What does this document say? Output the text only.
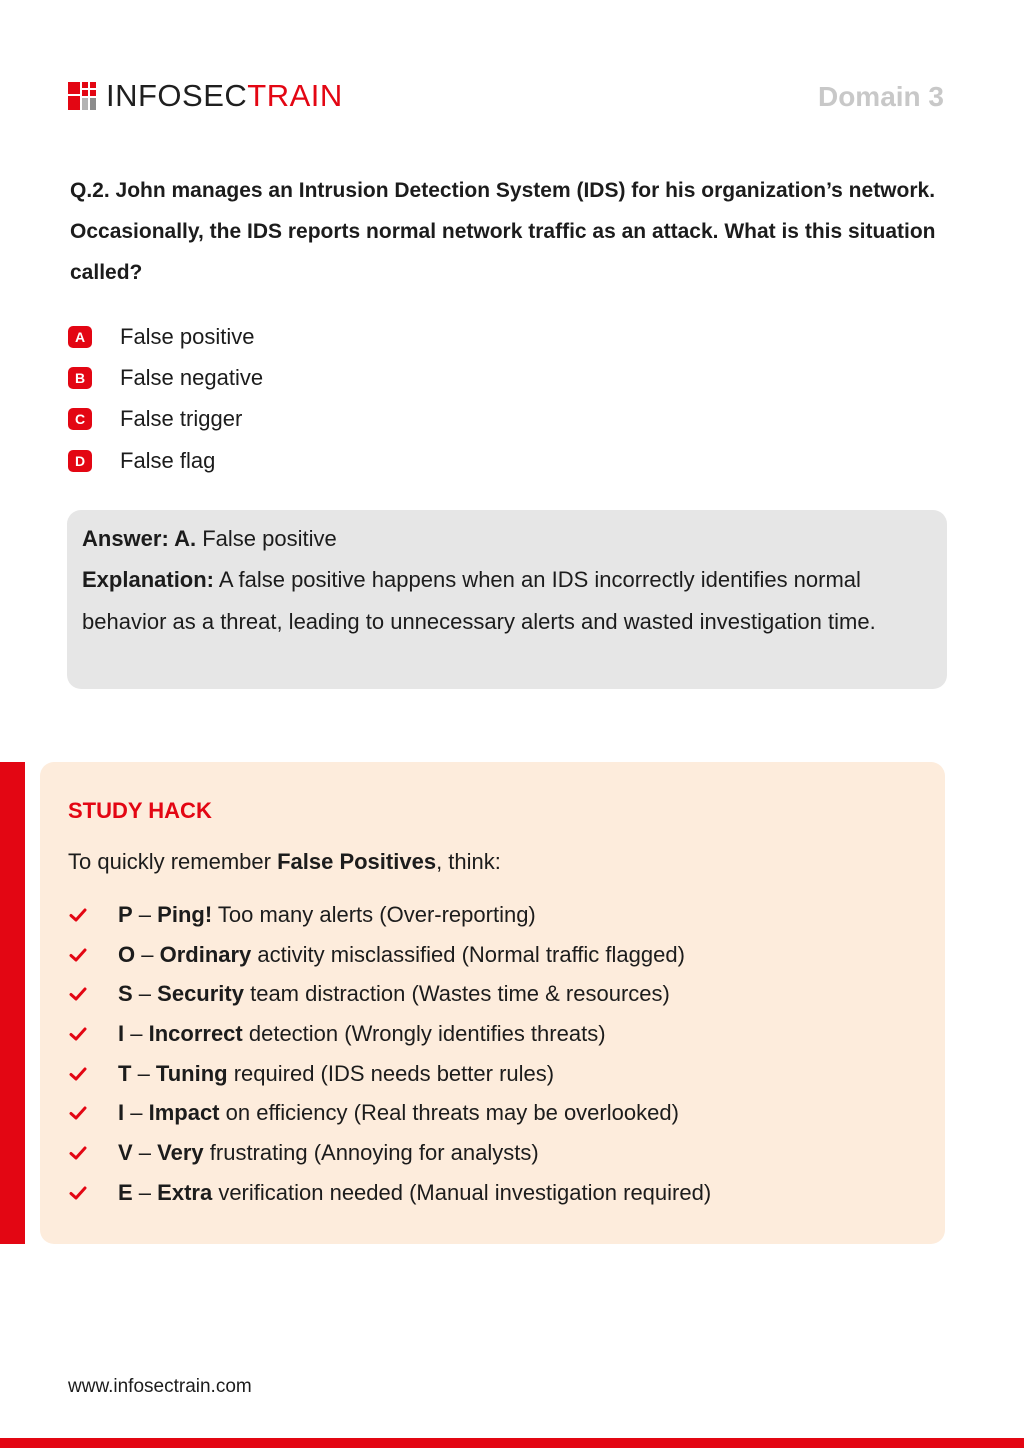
INFOSECTRAIN	Domain 3
Q.2. John manages an Intrusion Detection System (IDS) for his organization’s network. Occasionally, the IDS reports normal network traffic as an attack. What is this situation called?
A	False positive
B	False negative
C	False trigger
D	False flag
Answer: A. False positive
Explanation: A false positive happens when an IDS incorrectly identifies normal behavior as a threat, leading to unnecessary alerts and wasted investigation time.
STUDY HACK
To quickly remember False Positives, think:
P – Ping! Too many alerts (Over-reporting)
O – Ordinary activity misclassified (Normal traffic flagged)
S – Security team distraction (Wastes time & resources)
I – Incorrect detection (Wrongly identifies threats)
T – Tuning required (IDS needs better rules)
I – Impact on efficiency (Real threats may be overlooked)
V – Very frustrating (Annoying for analysts)
E – Extra verification needed (Manual investigation required)
www.infosectrain.com
